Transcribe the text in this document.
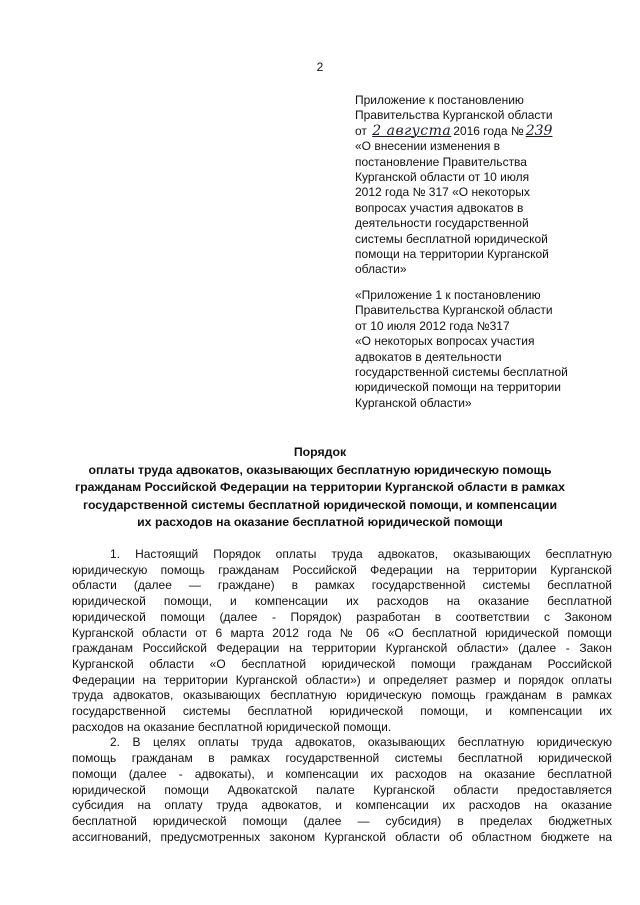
2
Приложение к постановлению
Правительства Курганской области
от 2 августа 2016 года № 239
«О внесении изменения в
постановление Правительства
Курганской области от 10 июля
2012 года № 317 «О некоторых
вопросах участия адвокатов в
деятельности государственной
системы бесплатной юридической
помощи на территории Курганской
области»
«Приложение 1 к постановлению
Правительства Курганской области
от 10 июля 2012 года №317
«О некоторых вопросах участия
адвокатов в деятельности
государственной системы бесплатной
юридической помощи на территории
Курганской области»
Порядок
оплаты труда адвокатов, оказывающих бесплатную юридическую помощь
гражданам Российской Федерации на территории Курганской области в рамках
государственной системы бесплатной юридической помощи, и компенсации
их расходов на оказание бесплатной юридической помощи
1. Настоящий Порядок оплаты труда адвокатов, оказывающих бесплатную
юридическую помощь гражданам Российской Федерации на территории Курганской
области (далее — граждане) в рамках государственной системы бесплатной
юридической помощи, и компенсации их расходов на оказание бесплатной
юридической помощи (далее - Порядок) разработан в соответствии с Законом
Курганской области от 6 марта 2012 года № 06 «О бесплатной юридической помощи
гражданам Российской Федерации на территории Курганской области» (далее - Закон
Курганской области «О бесплатной юридической помощи гражданам Российской
Федерации на территории Курганской области») и определяет размер и порядок оплаты
труда адвокатов, оказывающих бесплатную юридическую помощь гражданам в рамках
государственной системы бесплатной юридической помощи, и компенсации их
расходов на оказание бесплатной юридической помощи.
2. В целях оплаты труда адвокатов, оказывающих бесплатную юридическую
помощь гражданам в рамках государственной системы бесплатной юридической
помощи (далее - адвокаты), и компенсации их расходов на оказание бесплатной
юридической помощи Адвокатской палате Курганской области предоставляется
субсидия на оплату труда адвокатов, и компенсации их расходов на оказание
бесплатной юридической помощи (далее — субсидия) в пределах бюджетных
ассигнований, предусмотренных законом Курганской области об областном бюджете на
